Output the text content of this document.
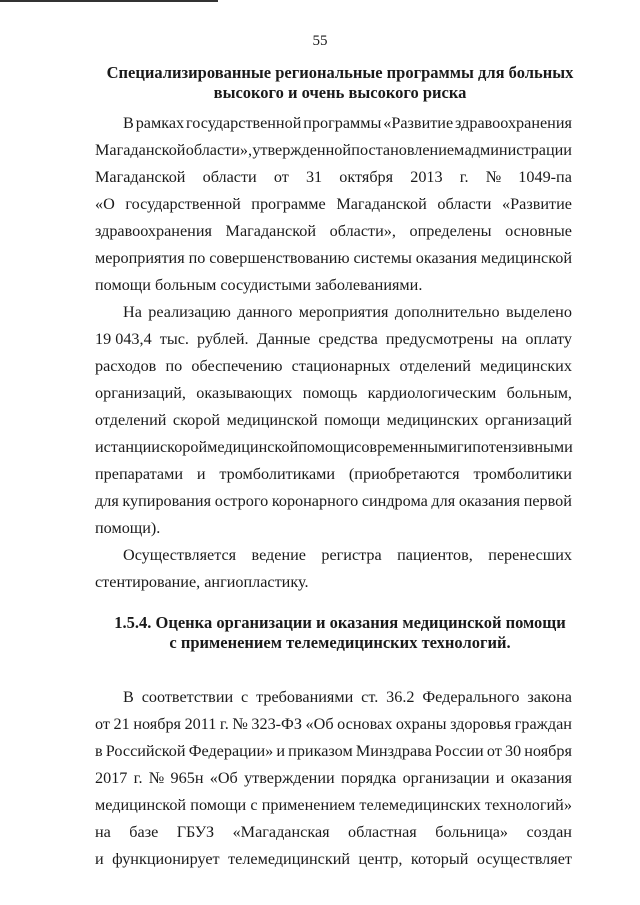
55
Специализированные региональные программы для больных
высокого и очень высокого риска
В рамках государственной программы «Развитие здравоохранения
Магаданской области», утвержденной постановлением администрации
Магаданской области от 31 октября 2013 г. № 1049-па
«О государственной программе Магаданской области «Развитие
здравоохранения Магаданской области», определены основные
мероприятия по совершенствованию системы оказания медицинской
помощи больным сосудистыми заболеваниями.
На реализацию данного мероприятия дополнительно выделено
19 043,4 тыс. рублей. Данные средства предусмотрены на оплату
расходов по обеспечению стационарных отделений медицинских
организаций, оказывающих помощь кардиологическим больным,
отделений скорой медицинской помощи медицинских организаций
и станции скорой медицинской помощи современными гипотензивными
препаратами и тромболитиками (приобретаются тромболитики
для купирования острого коронарного синдрома для оказания первой
помощи).
Осуществляется ведение регистра пациентов, перенесших
стентирование, ангиопластику.
1.5.4. Оценка организации и оказания медицинской помощи
с применением телемедицинских технологий.
В соответствии с требованиями ст. 36.2 Федерального закона
от 21 ноября 2011 г. № 323-ФЗ «Об основах охраны здоровья граждан
в Российской Федерации» и приказом Минздрава России от 30 ноября
2017 г. № 965н «Об утверждении порядка организации и оказания
медицинской помощи с применением телемедицинских технологий»
на базе ГБУЗ «Магаданская областная больница» создан
и функционирует телемедицинский центр, который осуществляет
